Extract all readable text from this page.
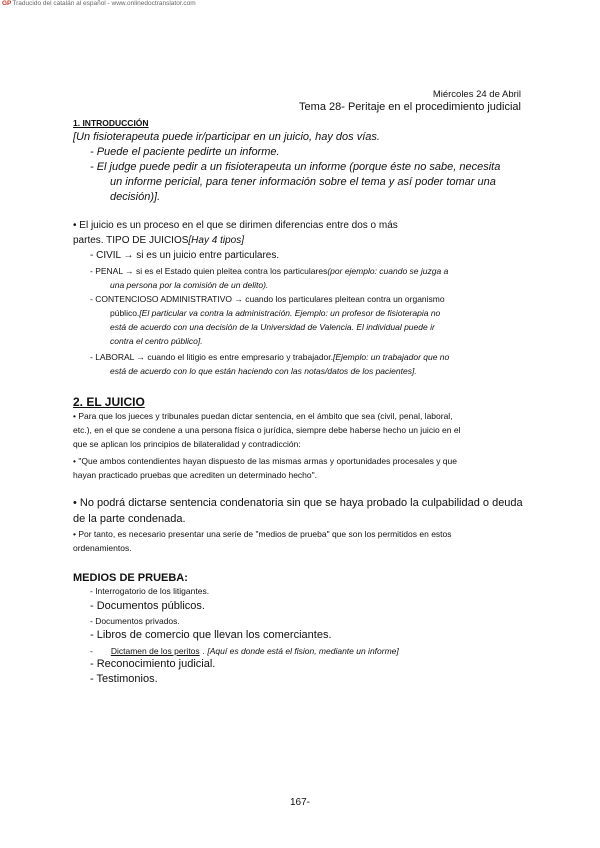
GPTraducido del catalán al español - www.onlinedoctranslator.com
Miércoles 24 de Abril
Tema 28- Peritaje en el procedimiento judicial
1. INTRODUCCIÓN
[Un fisioterapeuta puede ir/participar en un juicio, hay dos vías.
- Puede el paciente pedirte un informe.
- El judge puede pedir a un fisioterapeuta un informe (porque éste no sabe, necesita
un informe pericial, para tener información sobre el tema y así poder tomar una
decisión)].
• El juicio es un proceso en el que se dirimen diferencias entre dos o más
partes. TIPO DE JUICIOS[Hay 4 tipos]
- CIVIL → si es un juicio entre particulares.
- PENAL → si es el Estado quien pleitea contra los particulares(por ejemplo: cuando se juzga a
una persona por la comisión de un delito).
- CONTENCIOSO ADMINISTRATIVO → cuando los particulares pleitean contra un organismo
público.[El particular va contra la administración. Ejemplo: un profesor de fisioterapia no
está de acuerdo con una decisión de la Universidad de Valencia. El individual puede ir
contra el centro público].
- LABORAL → cuando el litigio es entre empresario y trabajador.[Ejemplo: un trabajador que no
está de acuerdo con lo que están haciendo con las notas/datos de los pacientes].
2. EL JUICIO
• Para que los jueces y tribunales puedan dictar sentencia, en el ámbito que sea (civil, penal, laboral,
etc.), en el que se condene a una persona física o jurídica, siempre debe haberse hecho un juicio en el
que se aplican los principios de bilateralidad y contradicción:
• "Que ambos contendientes hayan dispuesto de las mismas armas y oportunidades procesales y que
hayan practicado pruebas que acrediten un determinado hecho".
• No podrá dictarse sentencia condenatoria sin que se haya probado la culpabilidad o deuda
de la parte condenada.
• Por tanto, es necesario presentar una serie de "medios de prueba" que son los permitidos en estos
ordenamientos.
MEDIOS DE PRUEBA:
- Interrogatorio de los litigantes.
- Documentos públicos.
- Documentos privados.
- Libros de comercio que llevan los comerciantes.
- Dictamen de los peritos . [Aquí es donde está el fision, mediante un informe]
- Reconocimiento judicial.
- Testimonios.
167-
